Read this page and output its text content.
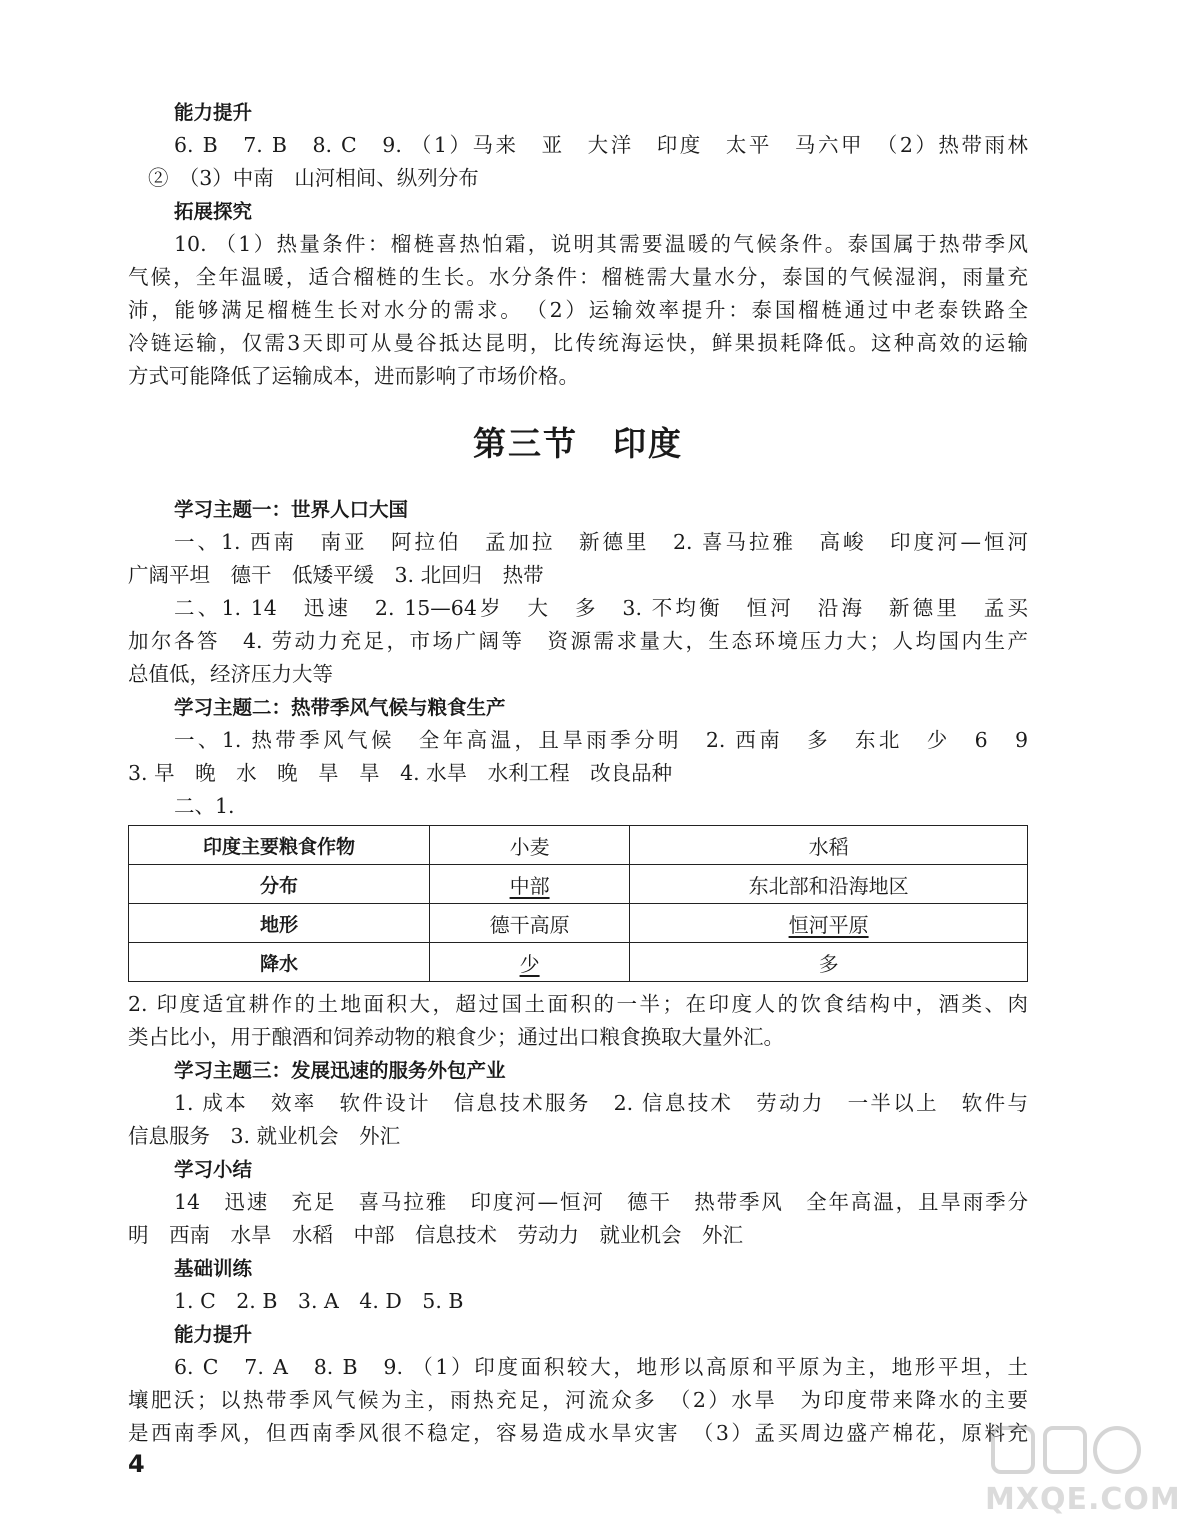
能力提升

6. B　7. B　8. C　9. （1）马来　亚　大洋　印度　太平　马六甲　（2）热带雨林

②　（3）中南　山河相间、纵列分布

拓展探究

10. （1）热量条件：榴梿喜热怕霜，说明其需要温暖的气候条件。泰国属于热带季风

气候，全年温暖，适合榴梿的生长。水分条件：榴梿需大量水分，泰国的气候湿润，雨量充

沛，能够满足榴梿生长对水分的需求。　（2）运输效率提升：泰国榴梿通过中老泰铁路全

冷链运输，仅需3天即可从曼谷抵达昆明，比传统海运快，鲜果损耗降低。这种高效的运输

方式可能降低了运输成本，进而影响了市场价格。

第三节　印度

学习主题一：世界人口大国

一、1. 西南　南亚　阿拉伯　孟加拉　新德里　2. 喜马拉雅　高峻　印度河—恒河

广阔平坦　德干　低矮平缓　3. 北回归　热带

二、1. 14　迅速　2. 15—64岁　大　多　3. 不均衡　恒河　沿海　新德里　孟买

加尔各答　4. 劳动力充足，市场广阔等　资源需求量大，生态环境压力大；人均国内生产

总值低，经济压力大等

学习主题二：热带季风气候与粮食生产

一、1. 热带季风气候　全年高温，且旱雨季分明　2. 西南　多　东北　少　6　9

3. 早　晚　水　晚　旱　旱　4. 水旱　水利工程　改良品种

二、1.

印度主要粮食作物	小麦	水稻
分布	中部	东北部和沿海地区
地形	德干高原	恒河平原
降水	少	多

2. 印度适宜耕作的土地面积大，超过国土面积的一半；在印度人的饮食结构中，酒类、肉

类占比小，用于酿酒和饲养动物的粮食少；通过出口粮食换取大量外汇。

学习主题三：发展迅速的服务外包产业

1. 成本　效率　软件设计　信息技术服务　2. 信息技术　劳动力　一半以上　软件与

信息服务　3. 就业机会　外汇

学习小结

14　迅速　充足　喜马拉雅　印度河—恒河　德干　热带季风　全年高温，且旱雨季分

明　西南　水旱　水稻　中部　信息技术　劳动力　就业机会　外汇

基础训练

1. C　2. B　3. A　4. D　5. B

能力提升

6. C　7. A　8. B　9. （1）印度面积较大，地形以高原和平原为主，地形平坦，土

壤肥沃；以热带季风气候为主，雨热充足，河流众多　（2）水旱　为印度带来降水的主要

是西南季风，但西南季风很不稳定，容易造成水旱灾害　（3）孟买周边盛产棉花，原料充

4
MXQE.COM
